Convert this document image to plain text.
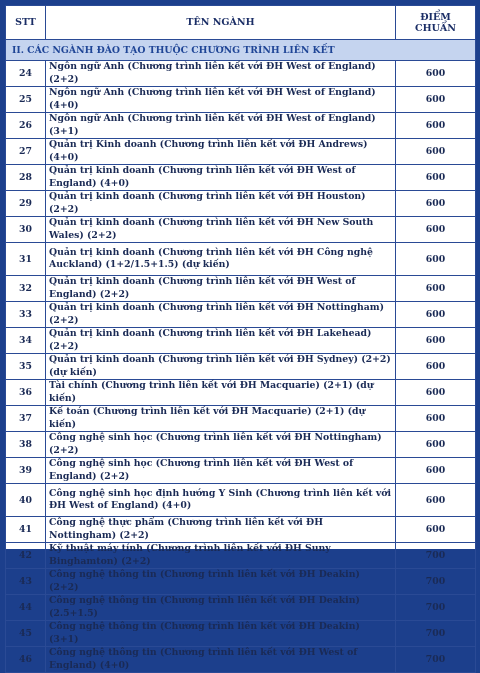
STT	TÊN NGÀNH	ĐIỂM CHUẨN
II. CÁC NGÀNH ĐÀO TẠO THUỘC CHƯƠNG TRÌNH LIÊN KẾT		
24	Ngôn ngữ Anh (Chương trình liên kết với ĐH West of England) (2+2)	600
25	Ngôn ngữ Anh (Chương trình liên kết với ĐH West of England) (4+0)	600
26	Ngôn ngữ Anh (Chương trình liên kết với ĐH West of England) (3+1)	600
27	Quản trị Kinh doanh (Chương trình liên kết với ĐH Andrews) (4+0)	600
28	Quản trị kinh doanh (Chương trình liên kết với ĐH West of England) (4+0)	600
29	Quản trị kinh doanh (Chương trình liên kết với ĐH Houston) (2+2)	600
30	Quản trị kinh doanh (Chương trình liên kết với ĐH New South Wales) (2+2)	600
31	Quản trị kinh doanh (Chương trình liên kết với ĐH Công nghệ Auckland) (1+2/1.5+1.5) (dự kiến)	600
32	Quản trị kinh doanh (Chương trình liên kết với ĐH West of England) (2+2)	600
33	Quản trị kinh doanh (Chương trình liên kết với ĐH Nottingham) (2+2)	600
34	Quản trị kinh doanh (Chương trình liên kết với ĐH Lakehead) (2+2)	600
35	Quản trị kinh doanh (Chương trình liên kết với ĐH Sydney) (2+2) (dự kiến)	600
36	Tài chính (Chương trình liên kết với ĐH Macquarie) (2+1) (dự kiến)	600
37	Kế toán (Chương trình liên kết với ĐH Macquarie) (2+1) (dự kiến)	600
38	Công nghệ sinh học (Chương trình liên kết với ĐH Nottingham) (2+2)	600
39	Công nghệ sinh học (Chương trình liên kết với ĐH West of England) (2+2)	600
40	Công nghệ sinh học định hướng Y Sinh (Chương trình liên kết với ĐH West of England) (4+0)	600
41	Công nghệ thực phẩm (Chương trình liên kết với ĐH Nottingham) (2+2)	600
42	Kỹ thuật máy tính (Chương trình liên kết với ĐH Suny Binghamton) (2+2)	700
43	Công nghệ thông tin (Chương trình liên kết với ĐH Deakin) (2+2)	700
44	Công nghệ thông tin (Chương trình liên kết với ĐH Deakin) (2.5+1.5)	700
45	Công nghệ thông tin (Chương trình liên kết với ĐH Deakin) (3+1)	700
46	Công nghệ thông tin (Chương trình liên kết với ĐH West of England) (4+0)	700
